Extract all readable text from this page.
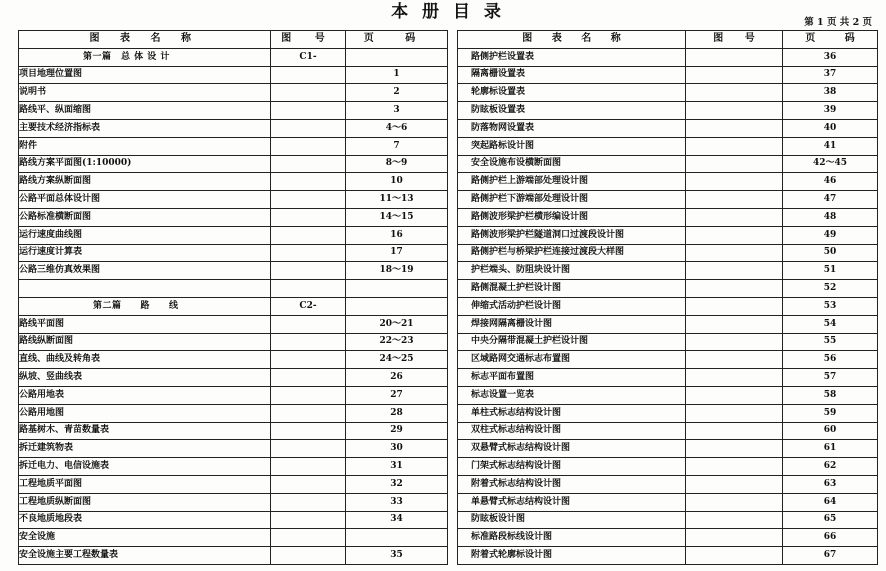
本 册 目 录
第 1 页 共 2 页
图 表 名 称	图 号	页 码
第一篇　总 体 设 计	C1-	
项目地理位置图		1
说明书		2
路线平、纵面缩图		3
主要技术经济指标表		4～6
附件		7
路线方案平面图(1:10000)		8～9
路线方案纵断面图		10
公路平面总体设计图		11～13
公路标准横断面图		14～15
运行速度曲线图		16
运行速度计算表		17
公路三维仿真效果图		18～19

第二篇　　路　　线	C2-	
路线平面图		20～21
路线纵断面图		22～23
直线、曲线及转角表		24～25
纵坡、竖曲线表		26
公路用地表		27
公路用地图		28
路基树木、青苗数量表		29
拆迁建筑物表		30
拆迁电力、电信设施表		31
工程地质平面图		32
工程地质纵断面图		33
不良地质地段表		34
安全设施		
安全设施主要工程数量表		35
图 表 名 称	图 号	页 码
路侧护栏设置表		36
隔离栅设置表		37
轮廓标设置表		38
防眩板设置表		39
防落物网设置表		40
突起路标设计图		41
安全设施布设横断面图		42～45
路侧护栏上游端部处理设计图		46
路侧护栏下游端部处理设计图		47
路侧波形梁护栏横形编设计图		48
路侧波形梁护栏隧道洞口过渡段设计图		49
路侧护栏与桥梁护栏连接过渡段大样图		50
护栏端头、防阻块设计图		51
路侧混凝土护栏设计图		52
伸缩式活动护栏设计图		53
焊接网隔离栅设计图		54
中央分隔带混凝土护栏设计图		55
区域路网交通标志布置图		56
标志平面布置图		57
标志设置一览表		58
单柱式标志结构设计图		59
双柱式标志结构设计图		60
双悬臂式标志结构设计图		61
门架式标志结构设计图		62
附着式标志结构设计图		63
单悬臂式标志结构设计图		64
防眩板设计图		65
标准路段标线设计图		66
附着式轮廓标设计图		67
